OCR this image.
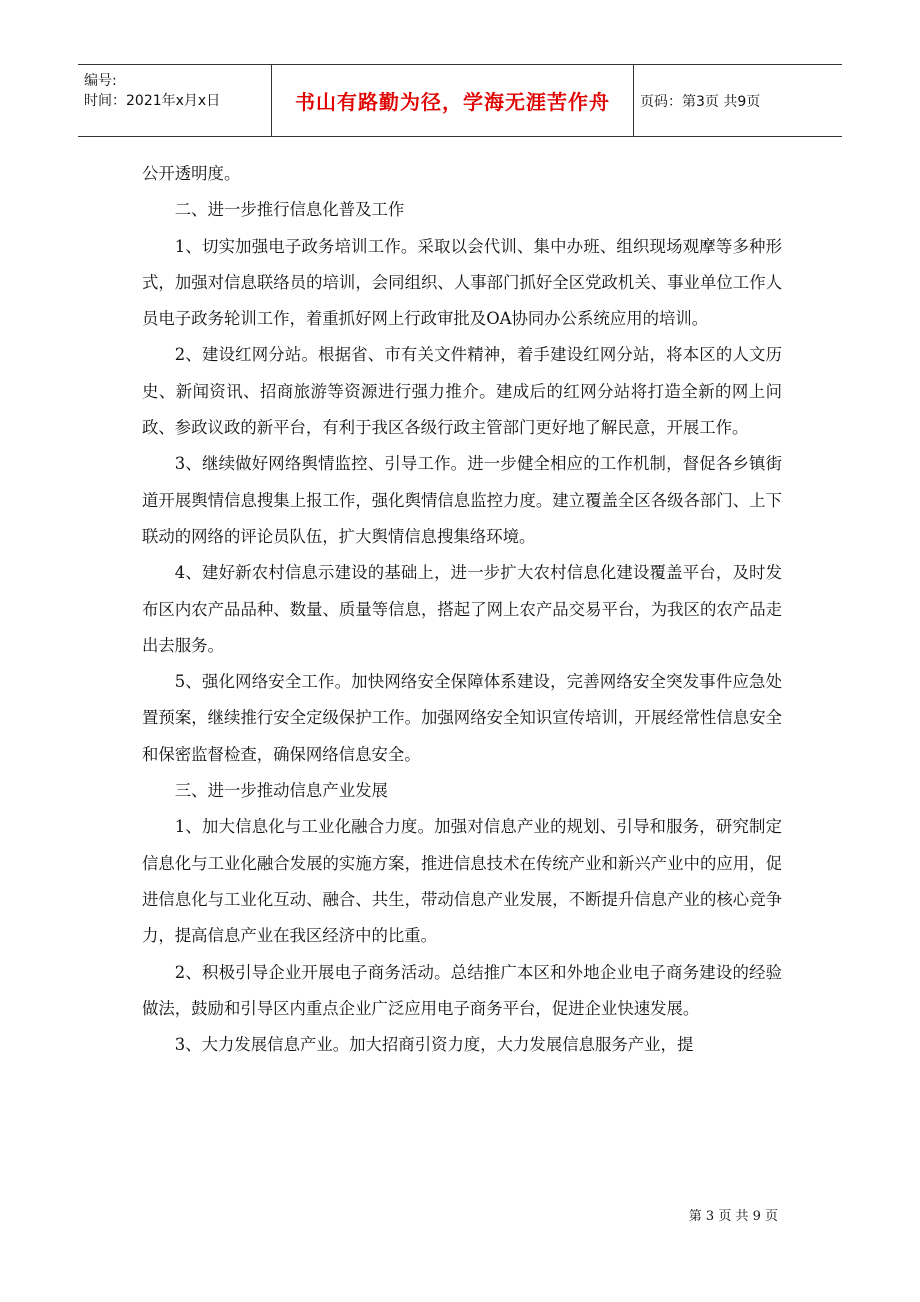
编号:
时间：2021年x月x日	书山有路勤为径，学海无涯苦作舟 页码：第3页 共9页

公开透明度。

二、进一步推行信息化普及工作

1、切实加强电子政务培训工作。采取以会代训、集中办班、组织现场观摩等多种形式，加强对信息联络员的培训，会同组织、人事部门抓好全区党政机关、事业单位工作人员电子政务轮训工作，着重抓好网上行政审批及OA协同办公系统应用的培训。

2、建设红网分站。根据省、市有关文件精神，着手建设红网分站，将本区的人文历史、新闻资讯、招商旅游等资源进行强力推介。建成后的红网分站将打造全新的网上问政、参政议政的新平台，有利于我区各级行政主管部门更好地了解民意，开展工作。

3、继续做好网络舆情监控、引导工作。进一步健全相应的工作机制，督促各乡镇街道开展舆情信息搜集上报工作，强化舆情信息监控力度。建立覆盖全区各级各部门、上下联动的网络的评论员队伍，扩大舆情信息搜集络环境。

4、建好新农村信息示建设的基础上，进一步扩大农村信息化建设覆盖平台，及时发布区内农产品品种、数量、质量等信息，搭起了网上农产品交易平台，为我区的农产品走出去服务。

5、强化网络安全工作。加快网络安全保障体系建设，完善网络安全突发事件应急处置预案，继续推行安全定级保护工作。加强网络安全知识宣传培训，开展经常性信息安全和保密监督检查，确保网络信息安全。

三、进一步推动信息产业发展

1、加大信息化与工业化融合力度。加强对信息产业的规划、引导和服务，研究制定信息化与工业化融合发展的实施方案，推进信息技术在传统产业和新兴产业中的应用，促进信息化与工业化互动、融合、共生，带动信息产业发展，不断提升信息产业的核心竞争力，提高信息产业在我区经济中的比重。

2、积极引导企业开展电子商务活动。总结推广本区和外地企业电子商务建设的经验做法，鼓励和引导区内重点企业广泛应用电子商务平台，促进企业快速发展。

3、大力发展信息产业。加大招商引资力度，大力发展信息服务产业，提

第 3 页 共 9 页
